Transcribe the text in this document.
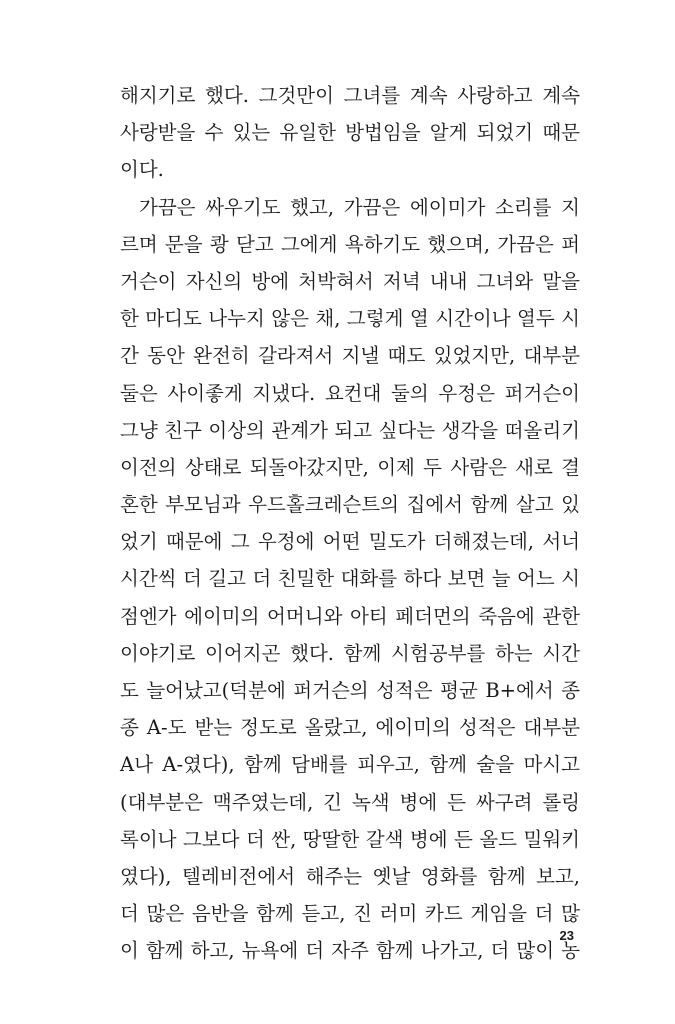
해지기로 했다. 그것만이 그녀를 계속 사랑하고 계속
사랑받을 수 있는 유일한 방법임을 알게 되었기 때문
이다.
가끔은 싸우기도 했고, 가끔은 에이미가 소리를 지
르며 문을 쾅 닫고 그에게 욕하기도 했으며, 가끔은 퍼
거슨이 자신의 방에 처박혀서 저녁 내내 그녀와 말을
한 마디도 나누지 않은 채, 그렇게 열 시간이나 열두 시
간 동안 완전히 갈라져서 지낼 때도 있었지만, 대부분
둘은 사이좋게 지냈다. 요컨대 둘의 우정은 퍼거슨이
그냥 친구 이상의 관계가 되고 싶다는 생각을 떠올리기
이전의 상태로 되돌아갔지만, 이제 두 사람은 새로 결
혼한 부모님과 우드홀크레슨트의 집에서 함께 살고 있
었기 때문에 그 우정에 어떤 밀도가 더해졌는데, 서너
시간씩 더 길고 더 친밀한 대화를 하다 보면 늘 어느 시
점엔가 에이미의 어머니와 아티 페더먼의 죽음에 관한
이야기로 이어지곤 했다. 함께 시험공부를 하는 시간
도 늘어났고(덕분에 퍼거슨의 성적은 평균 B+에서 종
종 A-도 받는 정도로 올랐고, 에이미의 성적은 대부분
A나 A-였다), 함께 담배를 피우고, 함께 술을 마시고
(대부분은 맥주였는데, 긴 녹색 병에 든 싸구려 롤링
록이나 그보다 더 싼, 땅딸한 갈색 병에 든 올드 밀워키
였다), 텔레비전에서 해주는 옛날 영화를 함께 보고,
더 많은 음반을 함께 듣고, 진 러미 카드 게임을 더 많
이 함께 하고, 뉴욕에 더 자주 함께 나가고, 더 많이 농
23
